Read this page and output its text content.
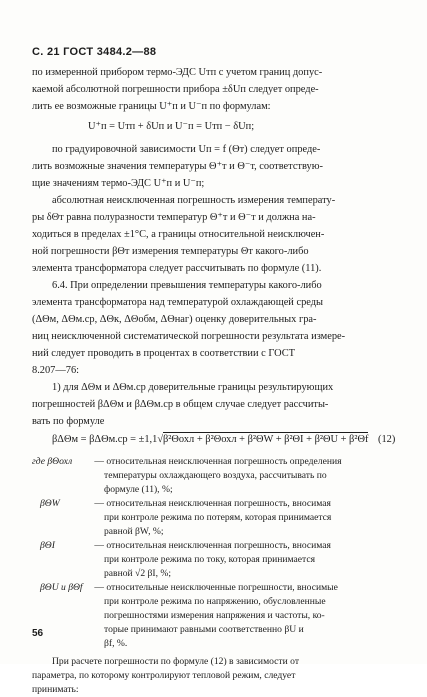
С. 21 ГОСТ 3484.2—88
по измеренной прибором термо-ЭДС Uтп с учетом границ допус-
каемой абсолютной погрешности прибора ±δUп следует опреде-
лить ее возможные границы U⁺п и U⁻п по формулам:
U⁺п = Uтп + δUп и U⁻п = Uтп − δUп;
по градуировочной зависимости Uп = f (Θт) следует опреде-
лить возможные значения температуры Θ⁺т и Θ⁻т, соответствую-
щие значениям термо-ЭДС U⁺п и U⁻п;
абсолютная неисключенная погрешность измерения температу-
ры δΘт равна полуразности температур Θ⁺т и Θ⁻т и должна на-
ходиться в пределах ±1°С, а границы относительной неисключен-
ной погрешности βΘт измерения температуры Θт какого-либо
элемента трансформатора следует рассчитывать по формуле (11).
6.4. При определении превышения температуры какого-либо
элемента трансформатора над температурой охлаждающей среды
(ΔΘм, ΔΘм.ср, ΔΘк, ΔΘобм, ΔΘнаг) оценку доверительных гра-
ниц неисключенной систематической погрешности результата измере-
ний следует проводить в процентах в соответствии с ГОСТ
8.207—76:
1) для ΔΘм и ΔΘм.ср доверительные границы результирующих
погрешностей βΔΘм и βΔΘм.ср в общем случае следует рассчиты-
вать по формуле
βΔΘм = βΔΘм.ср = ±1,1√β²Θохл + β²Θохл + β²ΘW + β²ΘI + β²ΘU + β²Θf (12)
56
где βΘохл — относительная неисключенная погрешность определения
температуры охлаждающего воздуха, рассчитывать по
формуле (11), %;
βΘW	— относительная неисключенная погрешность, вносимая
при контроле режима по потерям, которая принимается
равной βW, %;
βΘI	— относительная неисключенная погрешность, вносимая
при контроле режима по току, которая принимается
равной √2 βI, %;
βΘU и βΘf — относительные неисключенные погрешности, вносимые
при контроле режима по напряжению, обусловленные
погрешностями измерения напряжения и частоты, ко-
торые принимают равными соответственно βU и
βf, %.
При расчете погрешности по формуле (12) в зависимости от
параметра, по которому контролируют тепловой режим, следует
принимать:
